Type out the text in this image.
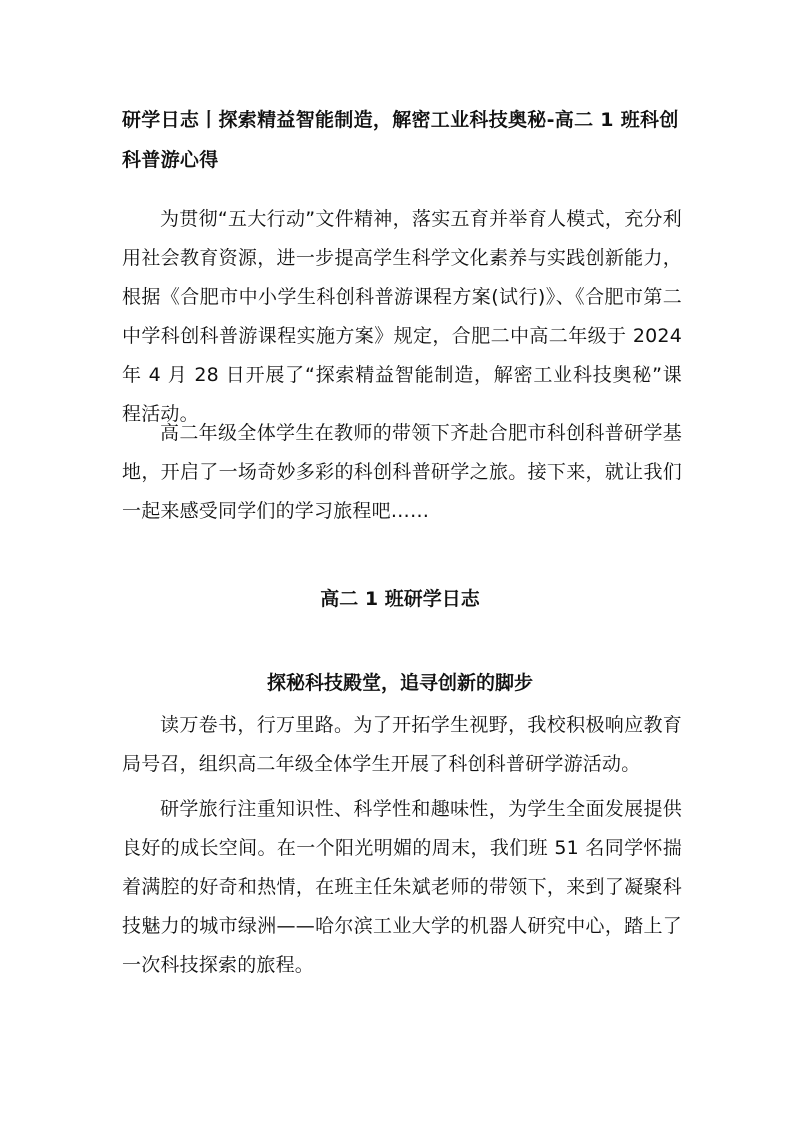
研学日志丨探索精益智能制造，解密工业科技奥秘-高二 1 班科创科普游心得
为贯彻“五大行动”文件精神，落实五育并举育人模式，充分利用社会教育资源，进一步提高学生科学文化素养与实践创新能力，根据《合肥市中小学生科创科普游课程方案(试行)》、《合肥市第二中学科创科普游课程实施方案》规定，合肥二中高二年级于 2024 年 4 月 28 日开展了“探索精益智能制造，解密工业科技奥秘”课程活动。
高二年级全体学生在教师的带领下齐赴合肥市科创科普研学基地，开启了一场奇妙多彩的科创科普研学之旅。接下来，就让我们一起来感受同学们的学习旅程吧……
高二 1 班研学日志
探秘科技殿堂，追寻创新的脚步
读万卷书，行万里路。为了开拓学生视野，我校积极响应教育局号召，组织高二年级全体学生开展了科创科普研学游活动。
研学旅行注重知识性、科学性和趣味性，为学生全面发展提供良好的成长空间。在一个阳光明媚的周末，我们班 51 名同学怀揣着满腔的好奇和热情，在班主任朱斌老师的带领下，来到了凝聚科技魅力的城市绿洲——哈尔滨工业大学的机器人研究中心，踏上了一次科技探索的旅程。
